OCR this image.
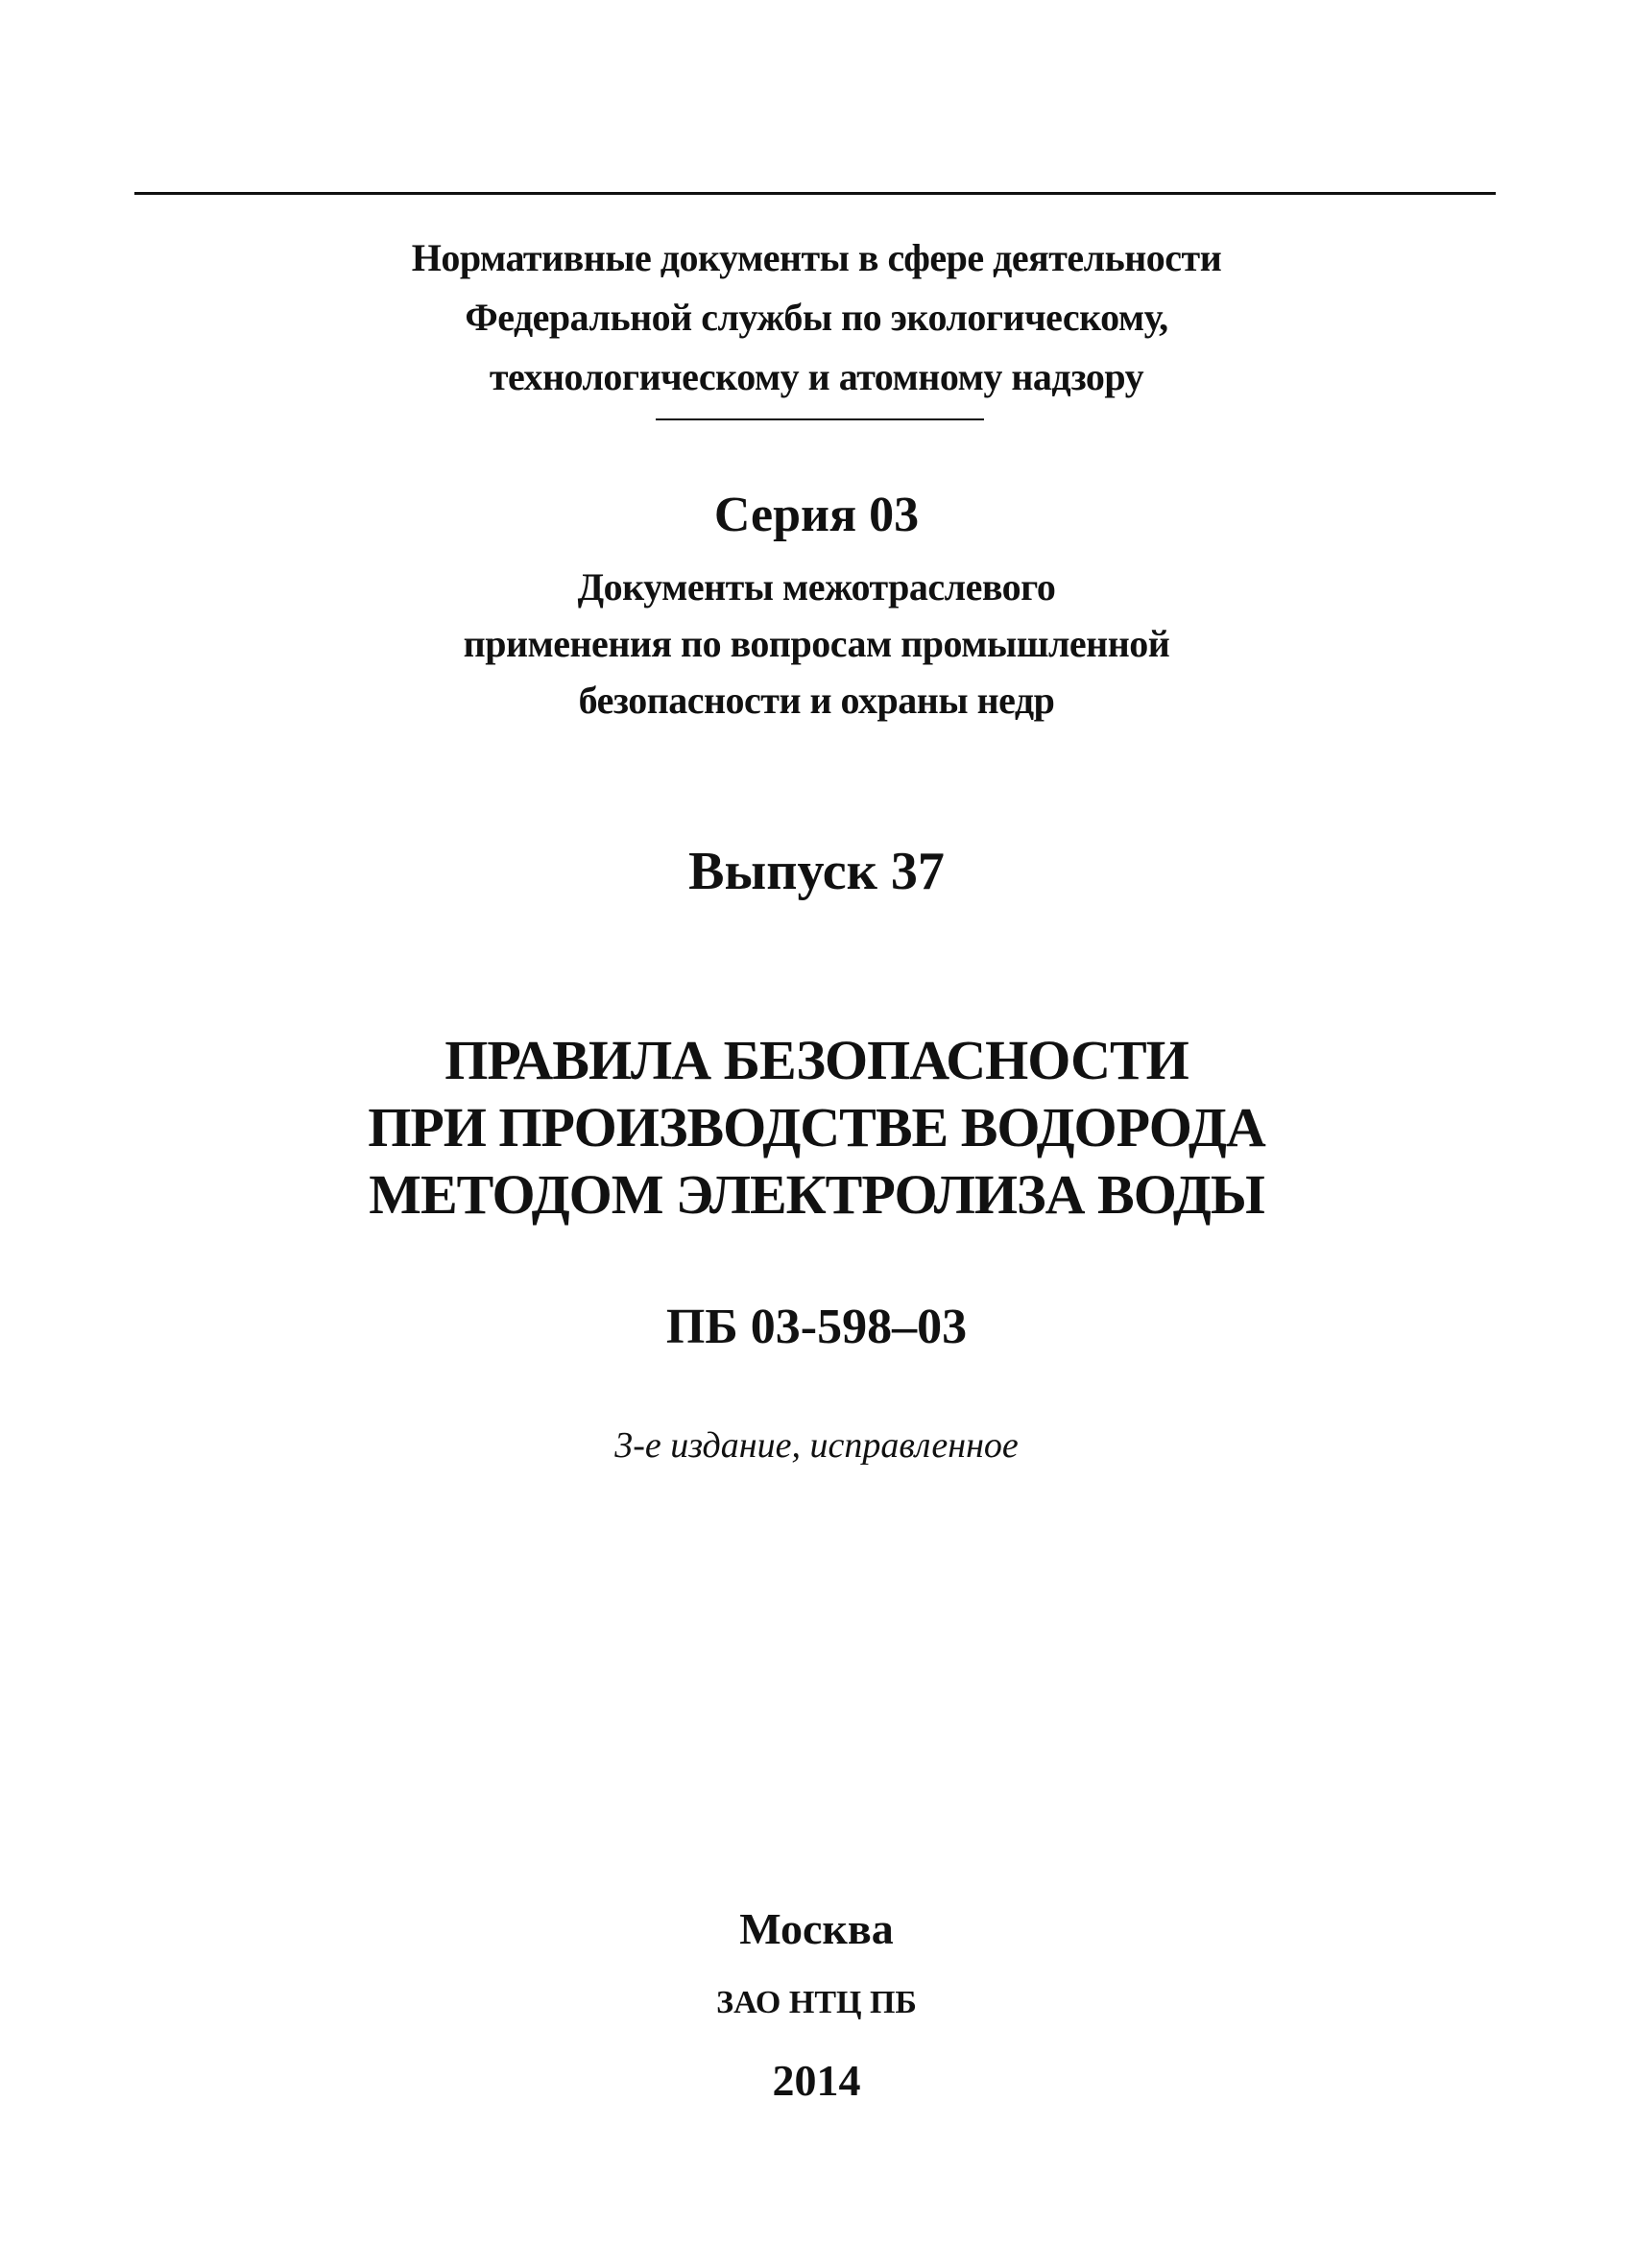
Нормативные документы в сфере деятельности
Федеральной службы по экологическому,
технологическому и атомному надзору
Серия 03
Документы межотраслевого
применения по вопросам промышленной
безопасности и охраны недр
Выпуск 37
ПРАВИЛА БЕЗОПАСНОСТИ
ПРИ ПРОИЗВОДСТВЕ ВОДОРОДА
МЕТОДОМ ЭЛЕКТРОЛИЗА ВОДЫ
ПБ 03-598–03
3-е издание, исправленное
Москва
ЗАО НТЦ ПБ
2014
